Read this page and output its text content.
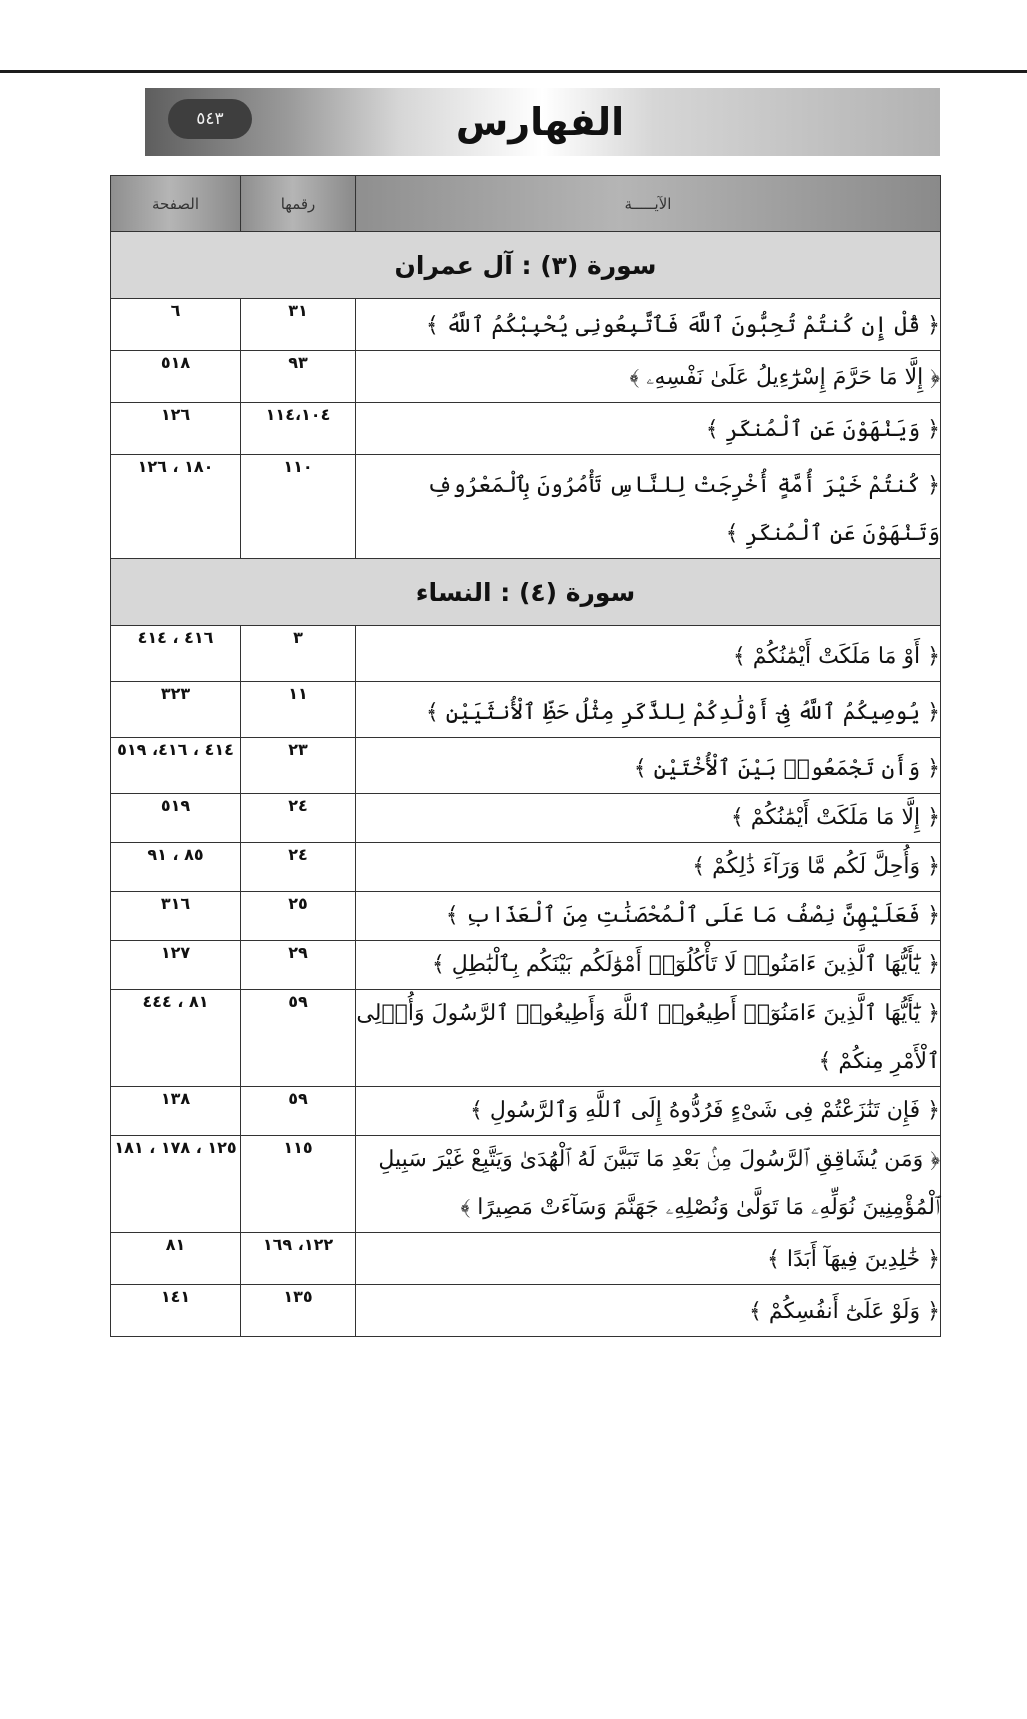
٥٤٣	الفهارس
الآيـــــة	رقمها	الصفحة
سورة (٣) : آل عمران		
﴿ قُلْ إِن كُنتُمْ تُحِبُّونَ ٱللَّهَ فَٱتَّبِعُونِى يُحْبِبْكُمُ ٱللَّهُ ﴾	٣١	٦
﴿ إِلَّا مَا حَرَّمَ إِسْرَٰٓءِيلُ عَلَىٰ نَفْسِهِۦ ﴾	٩٣	٥١٨
﴿ وَيَنْهَوْنَ عَنِ ٱلْمُنكَرِ ﴾	١١٤،١٠٤	١٢٦
﴿ كُنتُمْ خَيْرَ أُمَّةٍ أُخْرِجَتْ لِلنَّاسِ تَأْمُرُونَ بِٱلْمَعْرُوفِ وَتَنْهَوْنَ عَنِ ٱلْمُنكَرِ ﴾	١١٠	١٨٠ ، ١٢٦
سورة (٤) : النساء		
﴿ أَوْ مَا مَلَكَتْ أَيْمَٰنُكُمْ ﴾	٣	٤١٦ ، ٤١٤
﴿ يُوصِيكُمُ ٱللَّهُ فِىٓ أَوْلَٰدِكُمْ لِلذَّكَرِ مِثْلُ حَظِّ ٱلْأُنثَيَيْنِ ﴾	١١	٣٢٣
﴿ وَأَن تَجْمَعُوا۟ بَيْنَ ٱلْأُخْتَيْنِ ﴾	٢٣	٤١٤ ، ٤١٦، ٥١٩
﴿ إِلَّا مَا مَلَكَتْ أَيْمَٰنُكُمْ ﴾	٢٤	٥١٩
﴿ وَأُحِلَّ لَكُم مَّا وَرَآءَ ذَٰلِكُمْ ﴾	٢٤	٨٥ ، ٩١
﴿ فَعَلَيْهِنَّ نِصْفُ مَا عَلَى ٱلْمُحْصَنَٰتِ مِنَ ٱلْعَذَابِ ﴾	٢٥	٣١٦
﴿ يَٰٓأَيُّهَا ٱلَّذِينَ ءَامَنُوا۟ لَا تَأْكُلُوٓا۟ أَمْوَٰلَكُم بَيْنَكُم بِٱلْبَٰطِلِ ﴾	٢٩	١٢٧
﴿ يَٰٓأَيُّهَا ٱلَّذِينَ ءَامَنُوٓا۟ أَطِيعُوا۟ ٱللَّهَ وَأَطِيعُوا۟ ٱلرَّسُولَ وَأُو۟لِى ٱلْأَمْرِ مِنكُمْ ﴾	٥٩	٨١ ، ٤٤٤
﴿ فَإِن تَنَٰزَعْتُمْ فِى شَىْءٍ فَرُدُّوهُ إِلَى ٱللَّهِ وَٱلرَّسُولِ ﴾	٥٩	١٣٨
﴿ وَمَن يُشَاقِقِ ٱلرَّسُولَ مِنۢ بَعْدِ مَا تَبَيَّنَ لَهُ ٱلْهُدَىٰ وَيَتَّبِعْ غَيْرَ سَبِيلِ ٱلْمُؤْمِنِينَ نُوَلِّهِۦ مَا تَوَلَّىٰ وَنُصْلِهِۦ جَهَنَّمَ وَسَآءَتْ مَصِيرًا ﴾	١١٥	١٢٥ ، ١٧٨ ، ١٨١
﴿ خَٰلِدِينَ فِيهَآ أَبَدًا ﴾	١٢٢، ١٦٩	٨١
﴿ وَلَوْ عَلَىٰٓ أَنفُسِكُمْ ﴾	١٣٥	١٤١
